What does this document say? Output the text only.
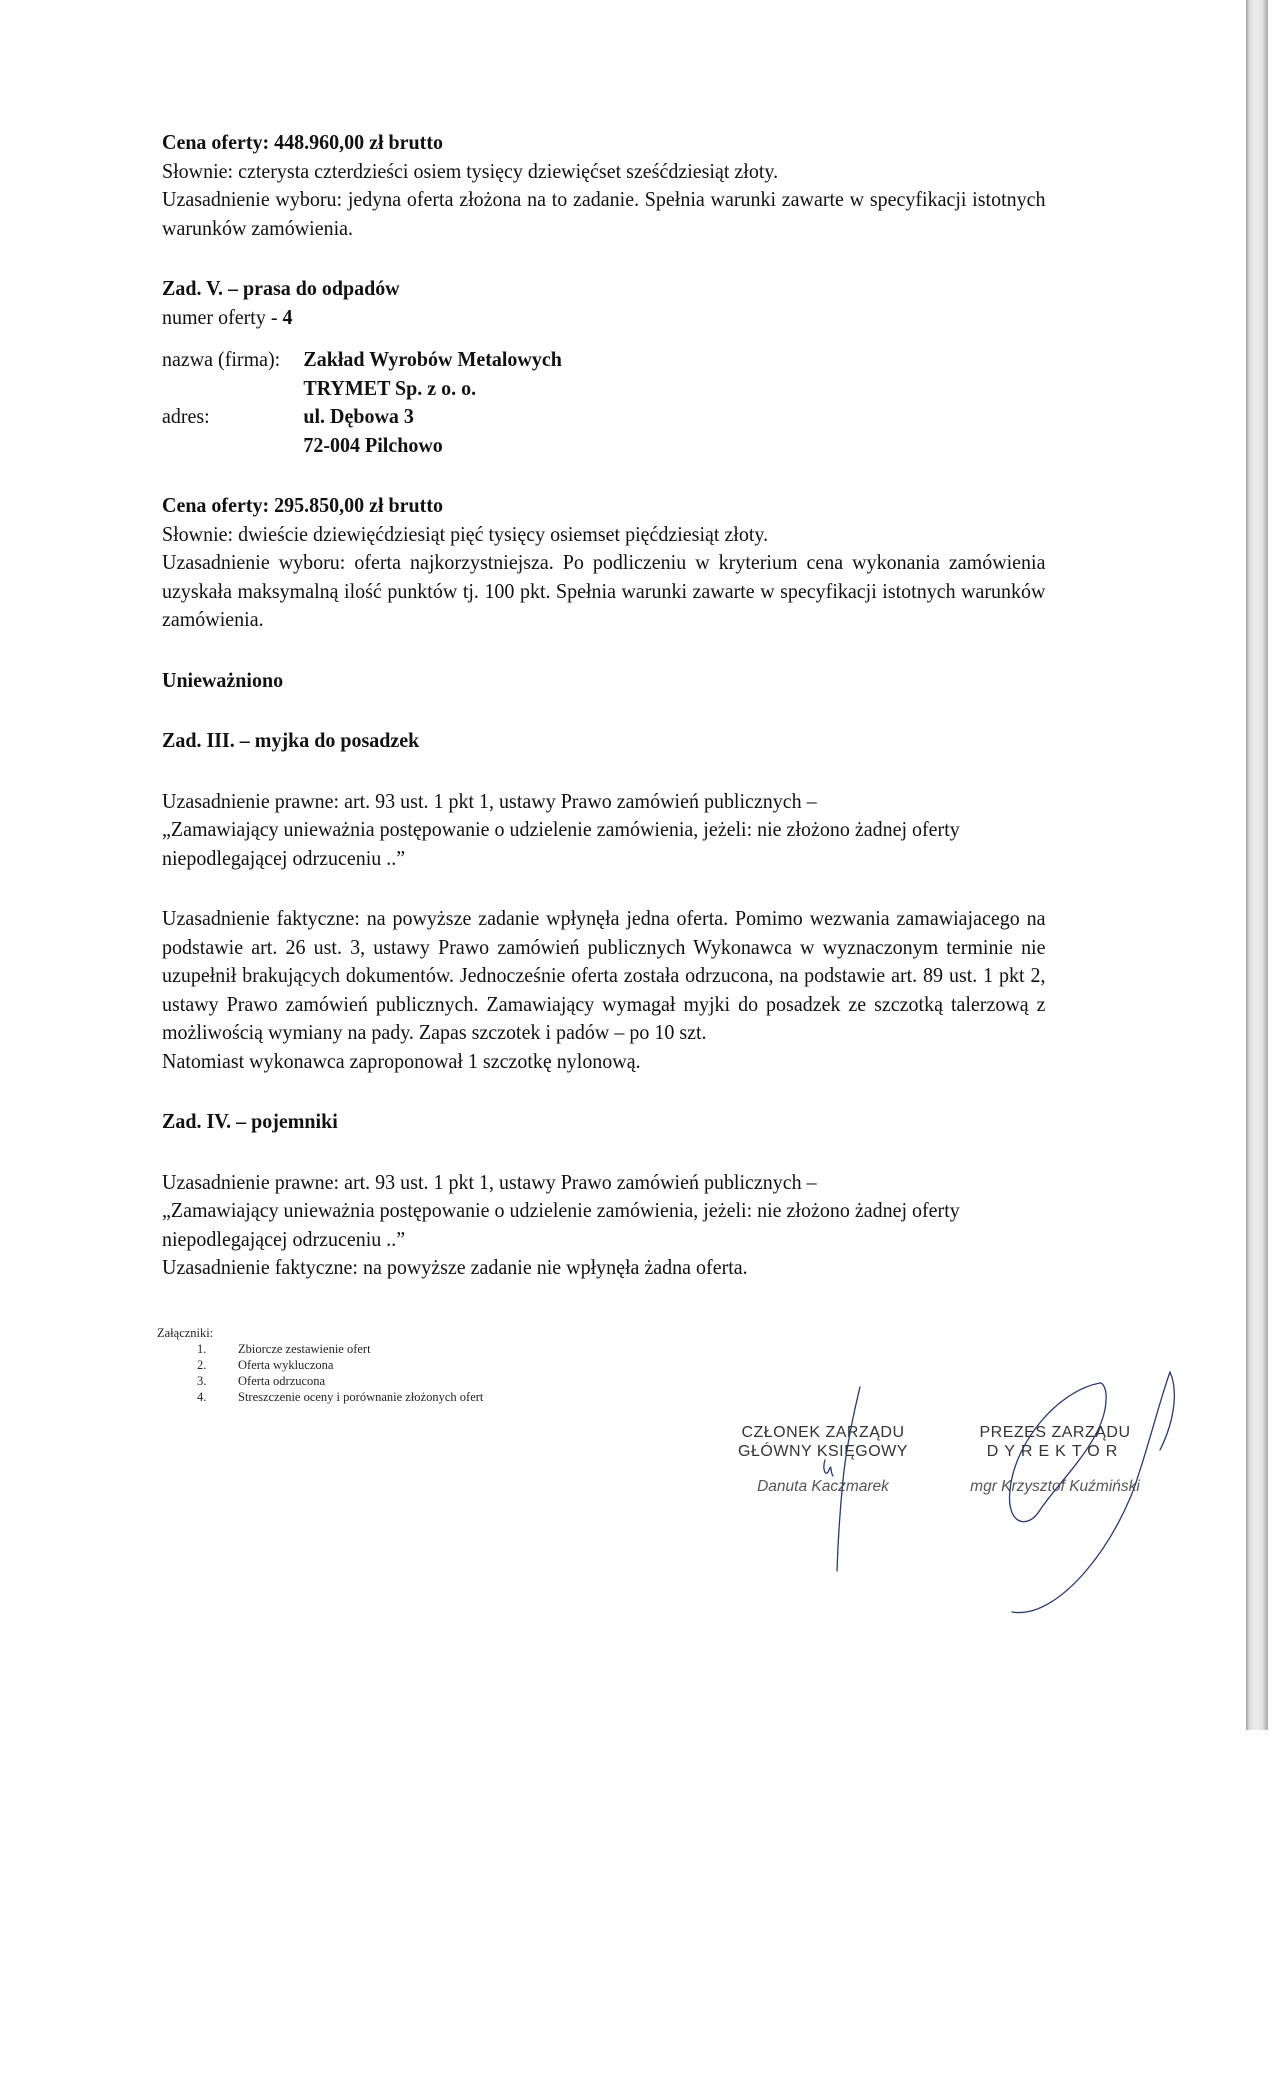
Cena oferty: 448.960,00 zł brutto

Słownie: czterysta czterdzieści osiem tysięcy dziewięćset sześćdziesiąt złoty.

Uzasadnienie wyboru: jedyna oferta złożona na to zadanie. Spełnia warunki zawarte w specyfikacji istotnych warunków zamówienia.

Zad. V. – prasa do odpadów

numer oferty - 4

nazwa (firma):	Zakład Wyrobów Metalowych
TRYMET Sp. z o. o.
adres:	ul. Dębowa 3
72-004 Pilchowo

Cena oferty: 295.850,00 zł brutto

Słownie: dwieście dziewięćdziesiąt pięć tysięcy osiemset pięćdziesiąt złoty.

Uzasadnienie wyboru: oferta najkorzystniejsza. Po podliczeniu w kryterium cena wykonania zamówienia uzyskała maksymalną ilość punktów tj. 100 pkt. Spełnia warunki zawarte w specyfikacji istotnych warunków zamówienia.

Unieważniono

Zad. III. – myjka do posadzek

Uzasadnienie prawne: art. 93 ust. 1 pkt 1, ustawy Prawo zamówień publicznych –

„Zamawiający unieważnia postępowanie o udzielenie zamówienia, jeżeli: nie złożono żadnej oferty niepodlegającej odrzuceniu ..”

Uzasadnienie faktyczne: na powyższe zadanie wpłynęła jedna oferta. Pomimo wezwania zamawiajacego na podstawie art. 26 ust. 3, ustawy Prawo zamówień publicznych Wykonawca w wyznaczonym terminie nie uzupełnił brakujących dokumentów. Jednocześnie oferta została odrzucona, na podstawie art. 89 ust. 1 pkt 2, ustawy Prawo zamówień publicznych. Zamawiający wymagał myjki do posadzek ze szczotką talerzową z możliwością wymiany na pady. Zapas szczotek i padów – po 10 szt.

Natomiast wykonawca zaproponował 1 szczotkę nylonową.

Zad. IV. – pojemniki

Uzasadnienie prawne: art. 93 ust. 1 pkt 1, ustawy Prawo zamówień publicznych –

„Zamawiający unieważnia postępowanie o udzielenie zamówienia, jeżeli: nie złożono żadnej oferty niepodlegającej odrzuceniu ..”

Uzasadnienie faktyczne: na powyższe zadanie nie wpłynęła żadna oferta.

Załączniki:
1.	Zbiorcze zestawienie ofert
2.	Oferta wykluczona
3.	Oferta odrzucona
4.	Streszczenie oceny i porównanie złożonych ofert
CZŁONEK ZARZĄDU
GŁÓWNY KSIĘGOWY
Danuta Kaczmarek
PREZES ZARZĄDU
DYREKTOR
mgr Krzysztof Kuźmiński
